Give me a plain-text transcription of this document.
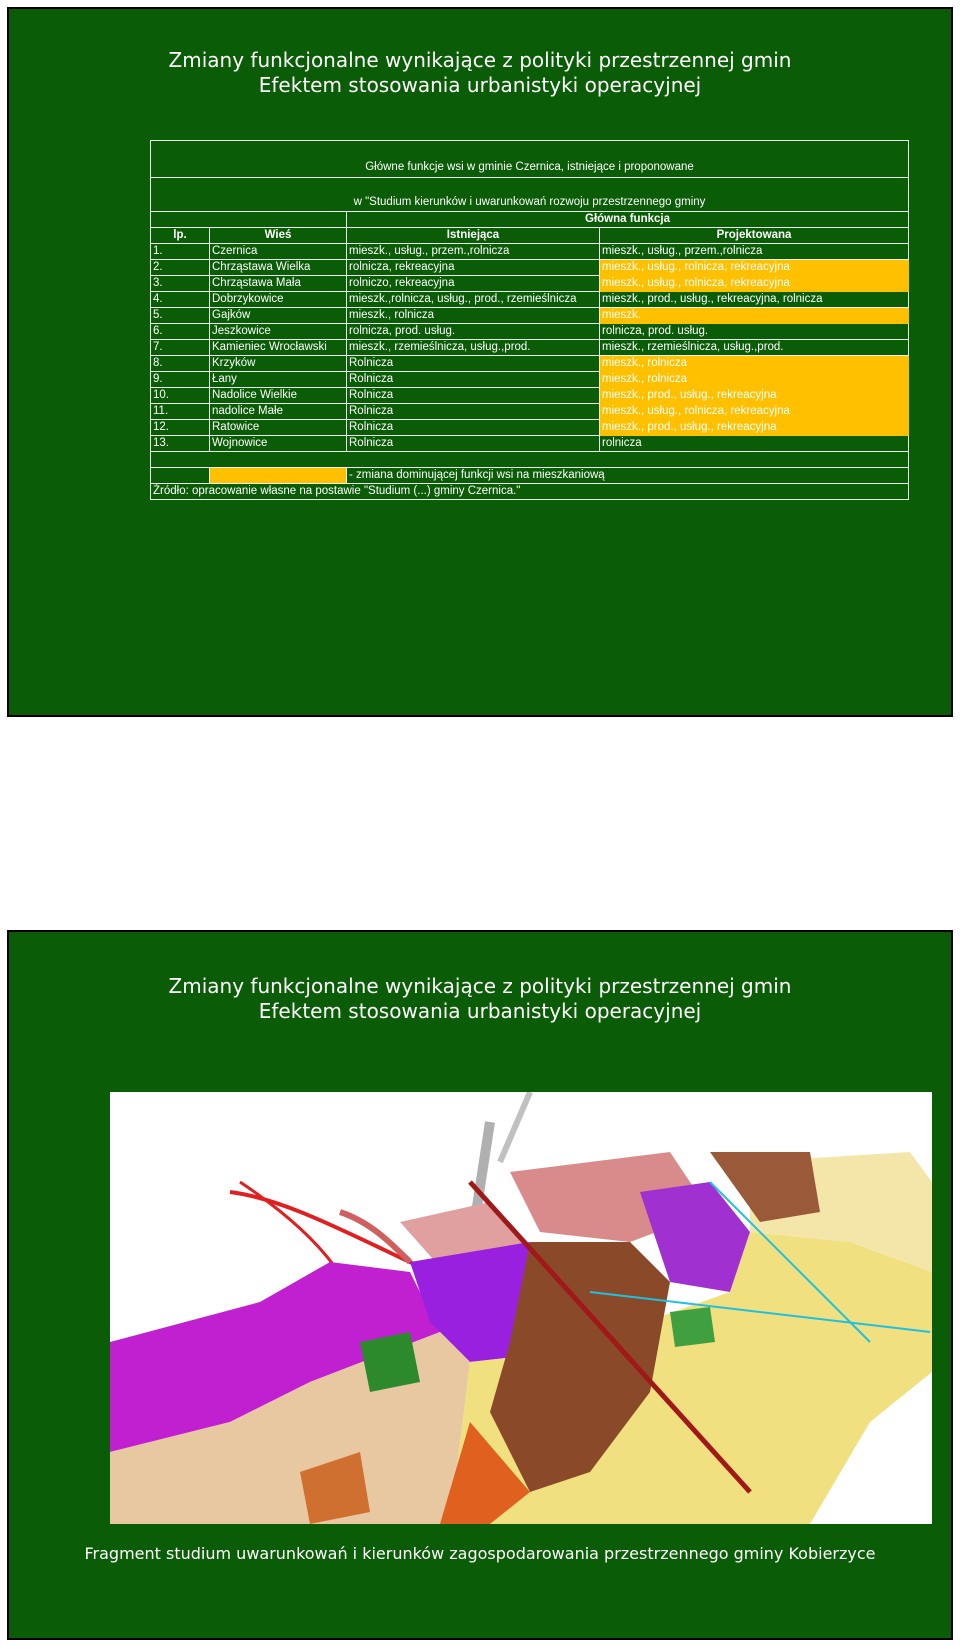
Zmiany funkcjonalne wynikające z polityki przestrzennej gmin
Efektem stosowania urbanistyki operacyjnej
Główne funkcje wsi w gminie Czernica, istniejące i proponowane			
w "Studium kierunków i uwarunkowań rozwoju przestrzennego gminy			
		Główna funkcja	
lp.	Wieś	Istniejąca	Projektowana
1.	Czernica	mieszk., usług., przem.,rolnicza	mieszk., usług., przem.,rolnicza
2.	Chrząstawa Wielka	rolnicza, rekreacyjna	mieszk., usług., rolnicza, rekreacyjna
3.	Chrząstawa Mała	rolniczo, rekreacyjna	mieszk., usług., rolnicza, rekreacyjna
4.	Dobrzykowice	mieszk.,rolnicza, usług., prod., rzemieślnicza	mieszk., prod., usług., rekreacyjna, rolnicza
5.	Gajków	mieszk., rolnicza	mieszk.
6.	Jeszkowice	rolnicza, prod. usług.	rolnicza, prod. usług.
7.	Kamieniec Wrocławski	mieszk., rzemieślnicza, usług.,prod.	mieszk., rzemieślnicza, usług.,prod.
8.	Krzyków	Rolnicza	mieszk., rolnicza
9.	Łany	Rolnicza	mieszk., rolnicza
10.	Nadolice Wielkie	Rolnicza	mieszk., prod., usług., rekreacyjna
11.	nadolice Małe	Rolnicza	mieszk., usług., rolnicza, rekreacyjna
12.	Ratowice	Rolnicza	mieszk., prod., usług., rekreacyjna
13.	Wojnowice	Rolnicza	rolnicza

		- zmiana dominującej funkcji wsi na mieszkaniową	
Źródło: opracowanie własne na postawie "Studium (...) gminy Czernica."			
Zmiany funkcjonalne wynikające z polityki przestrzennej gmin
Efektem stosowania urbanistyki operacyjnej
Fragment studium uwarunkowań i kierunków zagospodarowania przestrzennego gminy Kobierzyce
